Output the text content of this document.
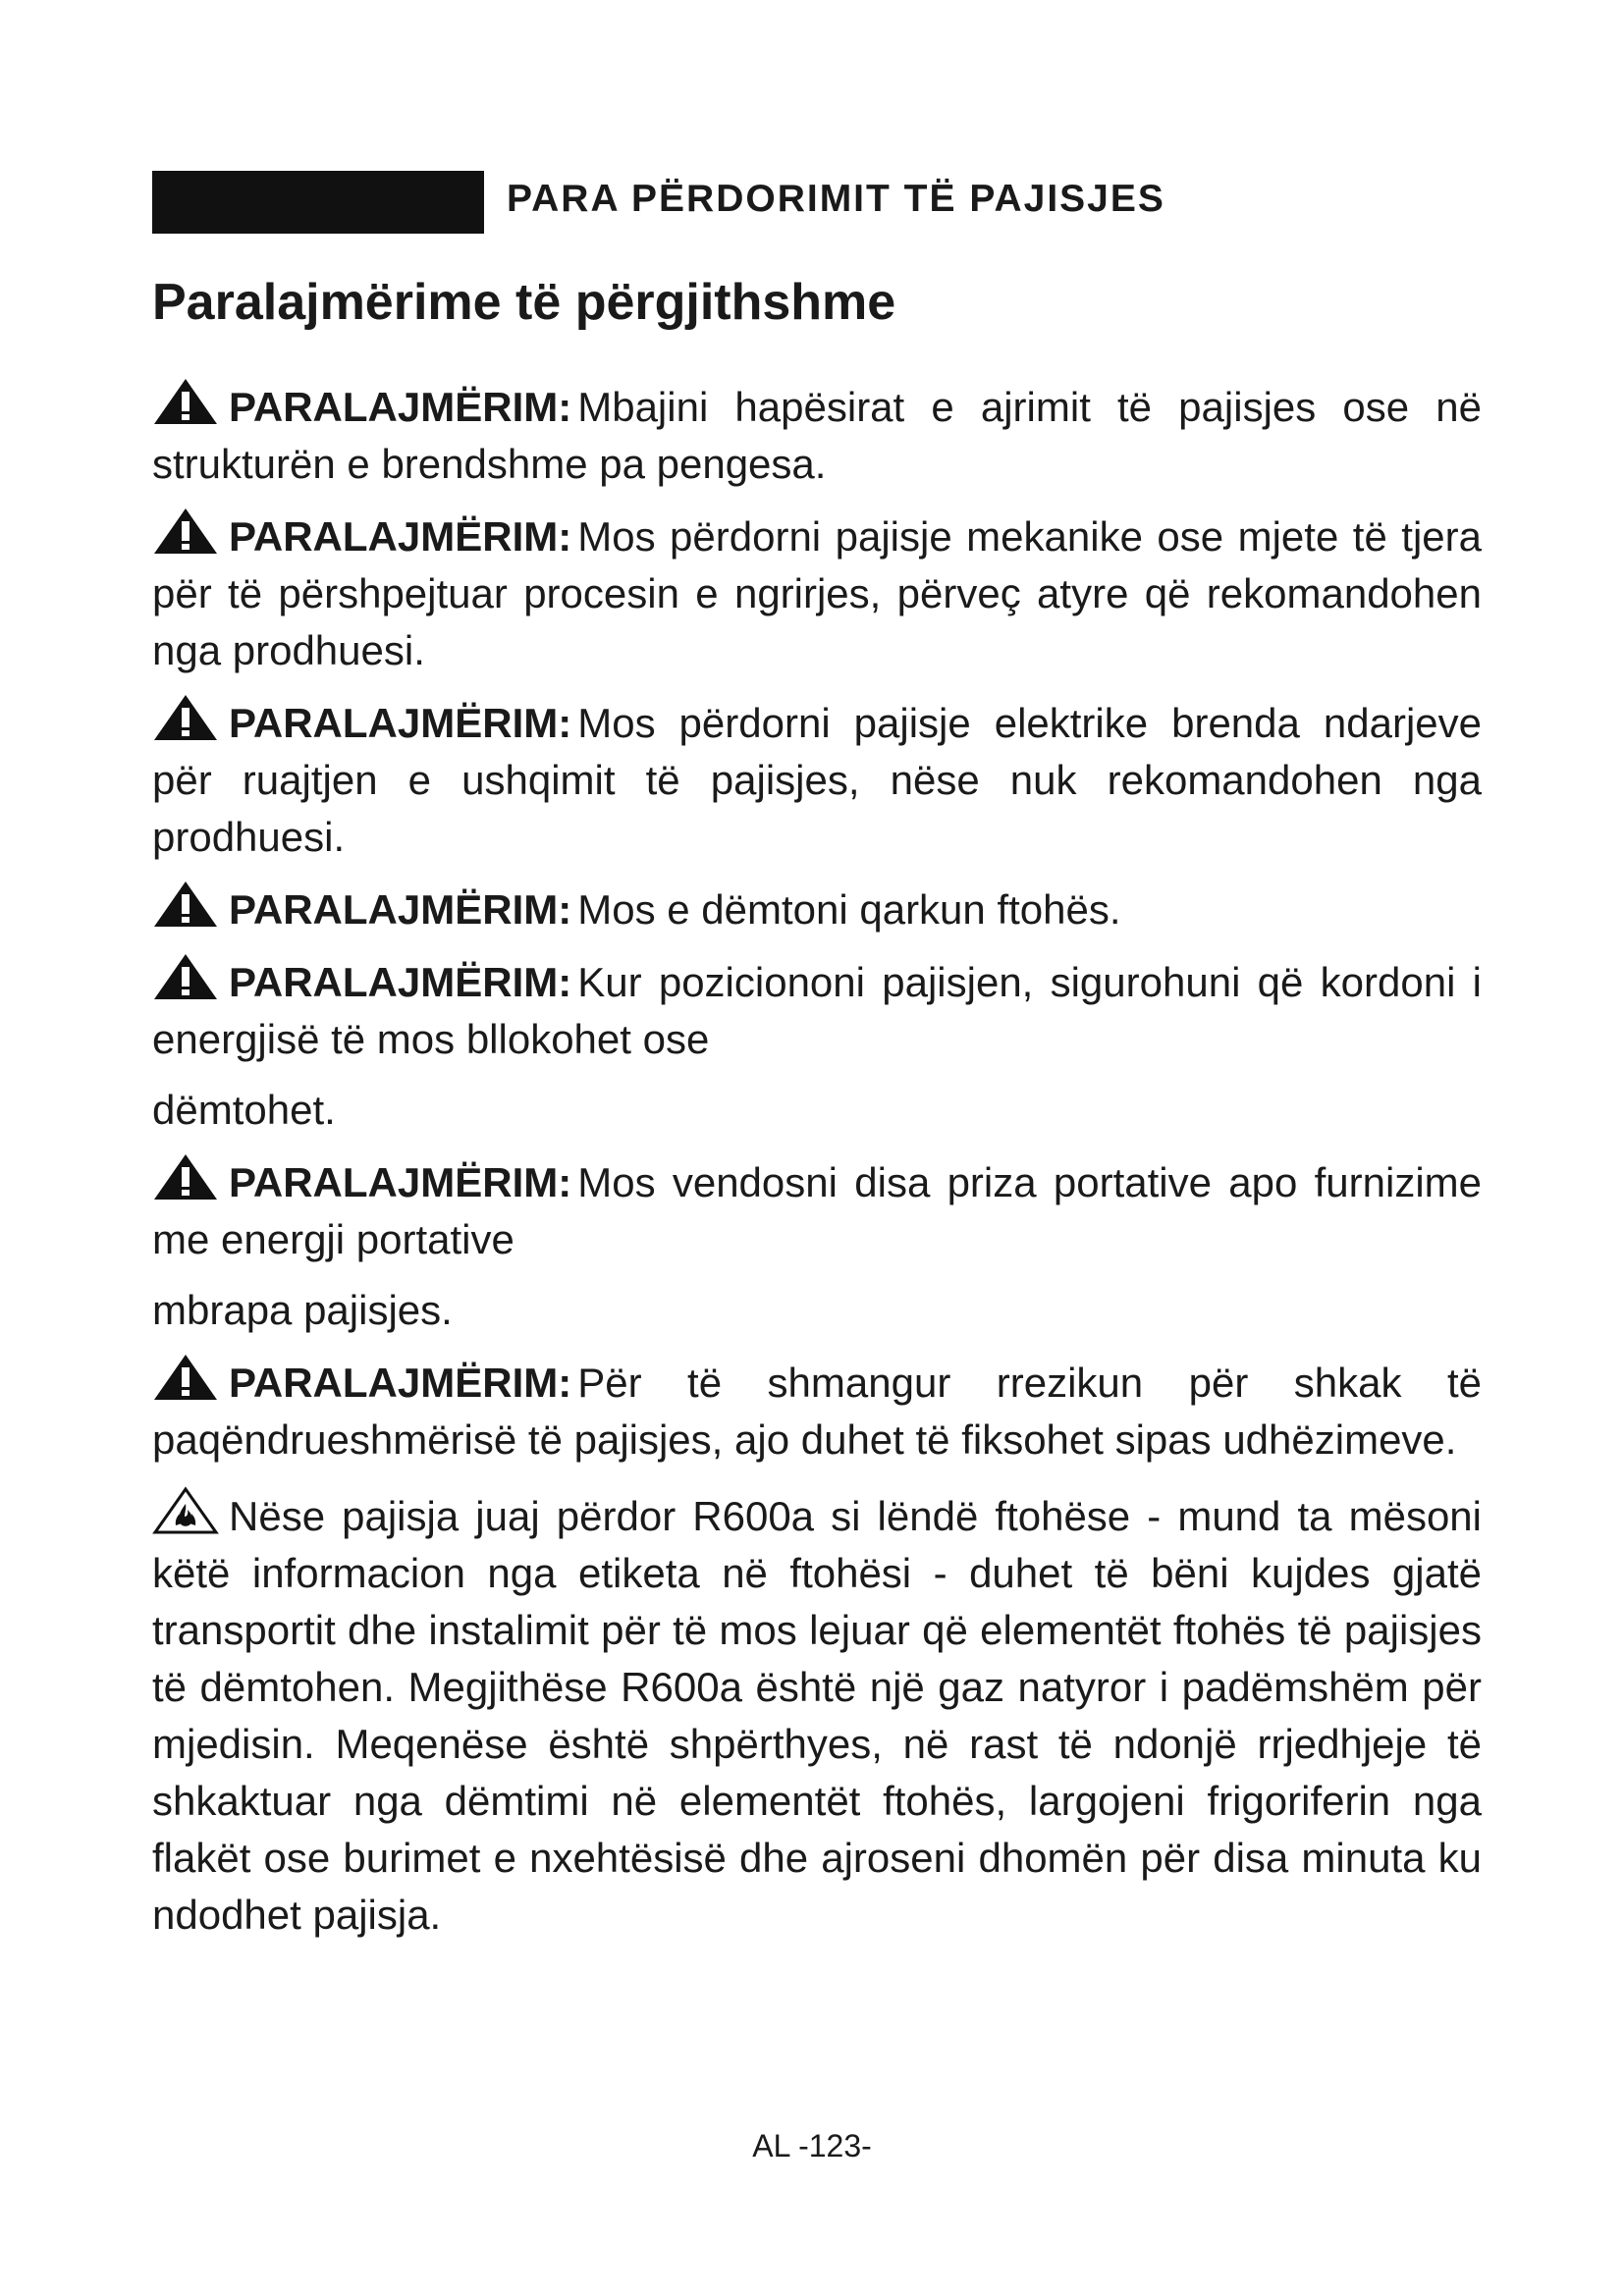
PARA PËRDORIMIT TË PAJISJES
Paralajmërime të përgjithshme
PARALAJMËRIM: Mbajini hapësirat e ajrimit të pajisjes ose në strukturën e brendshme pa pengesa.
PARALAJMËRIM: Mos përdorni pajisje mekanike ose mjete të tjera për të përshpejtuar procesin e ngrirjes, përveç atyre që rekomandohen nga prodhuesi.
PARALAJMËRIM: Mos përdorni pajisje elektrike brenda ndarjeve për ruajtjen e ushqimit të pajisjes, nëse nuk rekomandohen nga prodhuesi.
PARALAJMËRIM: Mos e dëmtoni qarkun ftohës.
PARALAJMËRIM: Kur poziciononi pajisjen, sigurohuni që kordoni i energjisë të mos bllokohet ose
dëmtohet.
PARALAJMËRIM: Mos vendosni disa priza portative apo furnizime me energji portative
mbrapa pajisjes.
PARALAJMËRIM: Për të shmangur rrezikun për shkak të paqëndrueshmërisë të pajisjes, ajo duhet të fiksohet sipas udhëzimeve.
Nëse pajisja juaj përdor R600a si lëndë ftohëse - mund ta mësoni këtë informacion nga etiketa në ftohësi - duhet të bëni kujdes gjatë transportit dhe instalimit për të mos lejuar që elementët ftohës të pajisjes të dëmtohen. Megjithëse R600a është një gaz natyror i padëmshëm për mjedisin. Meqenëse është shpërthyes, në rast të ndonjë rrjedhjeje të shkaktuar nga dëmtimi në elementët ftohës, largojeni frigoriferin nga flakët ose burimet e nxehtësisë dhe ajroseni dhomën për disa minuta ku ndodhet pajisja.
AL -123-
